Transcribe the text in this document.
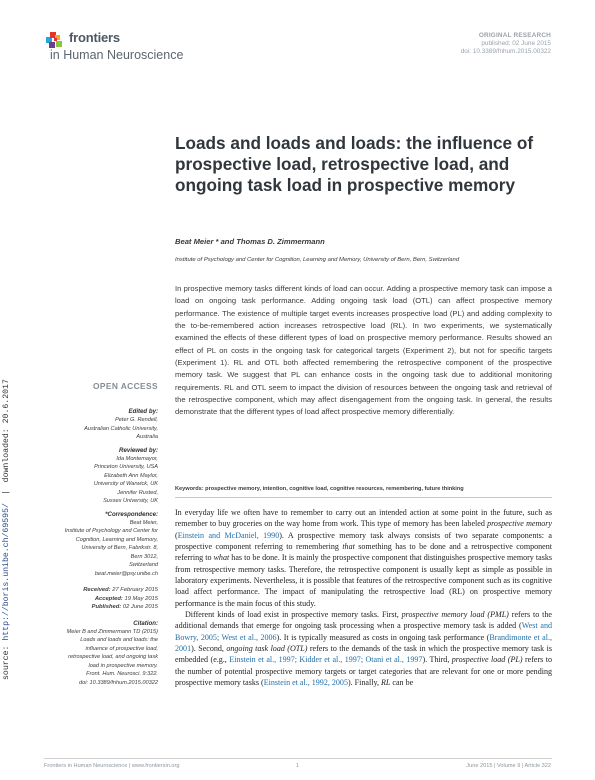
source: http://boris.unibe.ch/69595/ | downloaded: 20.6.2017
frontiers
in Human Neuroscience
ORIGINAL RESEARCH
published: 02 June 2015
doi: 10.3389/fnhum.2015.00322
Loads and loads and loads: the influence of prospective load, retrospective load, and ongoing task load in prospective memory
Beat Meier * and Thomas D. Zimmermann
Institute of Psychology and Center for Cognition, Learning and Memory, University of Bern, Bern, Switzerland
In prospective memory tasks different kinds of load can occur. Adding a prospective memory task can impose a load on ongoing task performance. Adding ongoing task load (OTL) can affect prospective memory performance. The existence of multiple target events increases prospective load (PL) and adding complexity to the to-be-remembered action increases retrospective load (RL). In two experiments, we systematically examined the effects of these different types of load on prospective memory performance. Results showed an effect of PL on costs in the ongoing task for categorical targets (Experiment 2), but not for specific targets (Experiment 1). RL and OTL both affected remembering the retrospective component of the prospective memory task. We suggest that PL can enhance costs in the ongoing task due to additional monitoring requirements. RL and OTL seem to impact the division of resources between the ongoing task and retrieval of the retrospective component, which may affect disengagement from the ongoing task. In general, the results demonstrate that the different types of load affect prospective memory differentially.
Keywords: prospective memory, intention, cognitive load, cognitive resources, remembering, future thinking
OPEN ACCESS
Edited by:
Peter G. Rendell,
Australian Catholic University,
Australia
Reviewed by:
Ida Montemayor,
Princeton University, USA
Elizabeth Ann Maylor,
University of Warwick, UK
Jennifer Rusted,
Sussex University, UK
*Correspondence:
Beat Meier,
Institute of Psychology and Center for
Cognition, Learning and Memory,
University of Bern, Fabrikstr. 8,
Bern 3012,
Switzerland
beat.meier@psy.unibe.ch
Received: 27 February 2015
Accepted: 19 May 2015
Published: 02 June 2015
Citation:
Meier B and Zimmermann TD (2015)
Loads and loads and loads: the
influence of prospective load,
retrospective load, and ongoing task
load in prospective memory.
Front. Hum. Neurosci. 9:322.
doi: 10.3389/fnhum.2015.00322

In everyday life we often have to remember to carry out an intended action at some point in the future, such as remember to buy groceries on the way home from work. This type of memory has been labeled prospective memory (Einstein and McDaniel, 1990). A prospective memory task always consists of two separate components: a prospective component referring to remembering that something has to be done and a retrospective component referring to what has to be done. It is mainly the prospective component that distinguishes prospective memory tasks from retrospective memory tasks. Therefore, the retrospective component is usually kept as simple as possible in laboratory experiments. Nevertheless, it is possible that features of the retrospective component such as its cognitive load affect performance. The impact of manipulating the retrospective load (RL) on prospective memory performance is the main focus of this study.

Different kinds of load exist in prospective memory tasks. First, prospective memory load (PML) refers to the additional demands that emerge for ongoing task processing when a prospective memory task is added (West and Bowry, 2005; West et al., 2006). It is typically measured as costs in ongoing task performance (Brandimonte et al., 2001). Second, ongoing task load (OTL) refers to the demands of the task in which the prospective memory task is embedded (e.g., Einstein et al., 1997; Kidder et al., 1997; Otani et al., 1997). Third, prospective load (PL) refers to the number of potential prospective memory targets or target categories that are relevant for one or more pending prospective memory tasks (Einstein et al., 1992, 2005). Finally, RL can be

Frontiers in Human Neuroscience | www.frontiersin.org	1	June 2015 | Volume 9 | Article 322
